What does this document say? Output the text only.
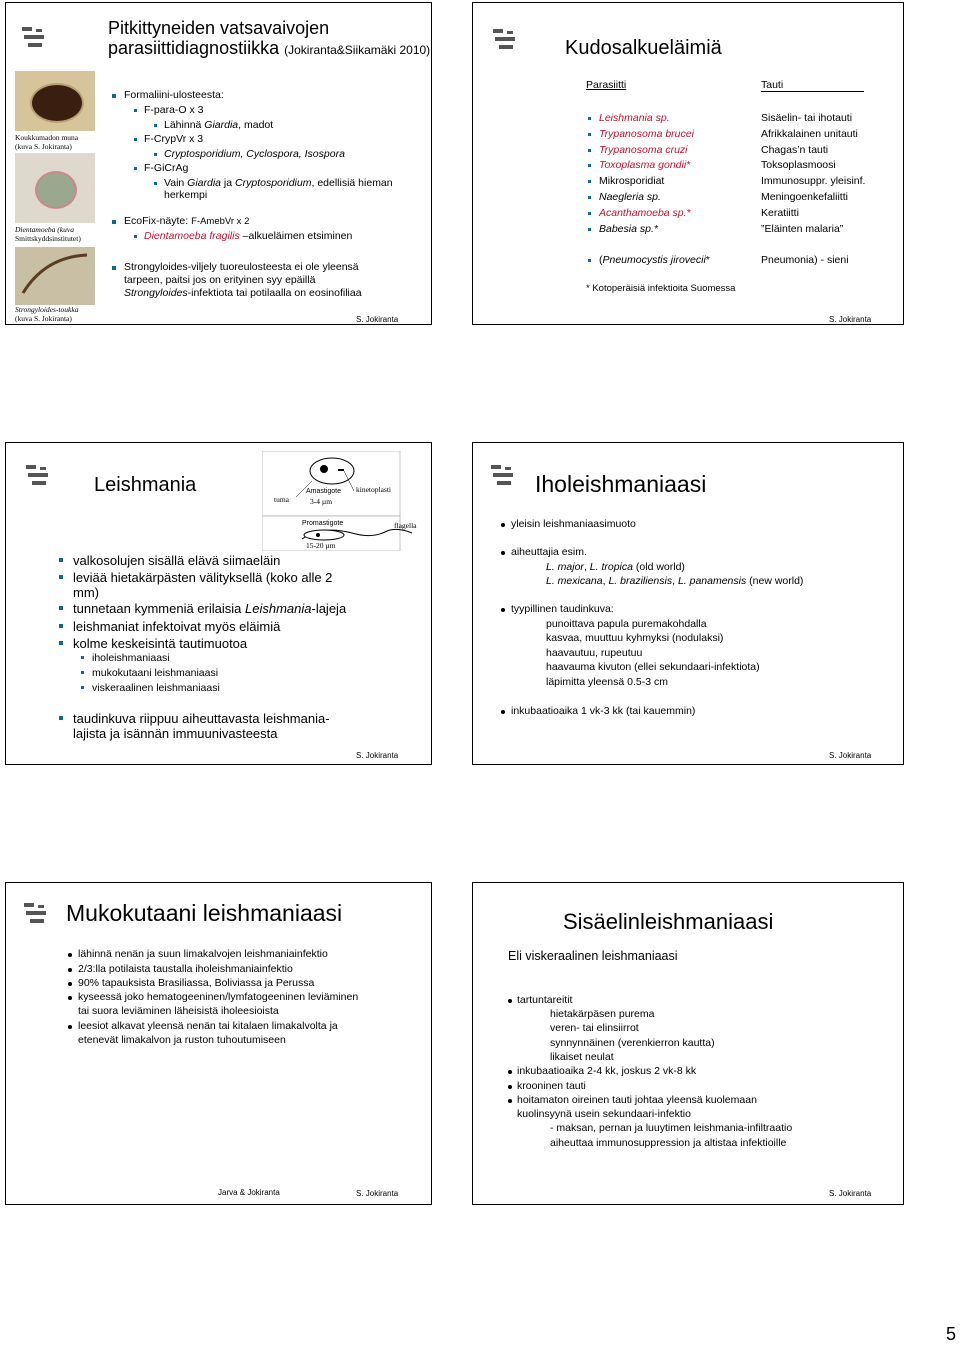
Pitkittyneiden vatsavaivojen
parasiittidiagnostiikka (Jokiranta&Siikamäki 2010)
Koukkumadon muna
(kuva S. Jokiranta)
Dientamoeba (kuva
Smittskyddsinstitutet)
Strongyloides-toukka
(kuva S. Jokiranta)
Formaliini-ulosteesta:
F-para-O x 3
Lähinnä Giardia, madot
F-CrypVr x 3
Cryptosporidium, Cyclospora, Isospora
F-GiCrAg
Vain Giardia ja Cryptosporidium, edellisiä hieman
herkempi
EcoFix-näyte: F-AmebVr x 2
Dientamoeba fragilis –alkueläimen etsiminen
Strongyloides-viljely tuoreulosteesta ei ole yleensä
tarpeen, paitsi jos on erityinen syy epäillä
Strongyloides-infektiota tai potilaalla on eosinofiliaa
S. Jokiranta
Kudosalkueläimiä
Parasiitti	Tauti
Leishmania sp.	Sisäelin- tai ihotauti
Trypanosoma brucei	Afrikkalainen unitauti
Trypanosoma cruzi	Chagas’n tauti
Toxoplasma gondii*	Toksoplasmoosi
Mikrosporidiat	Immunosuppr. yleisinf.
Naegleria sp.	Meningoenkefaliitti
Acanthamoeba sp.*	Keratiitti
Babesia sp.*	”Eläinten malaria”
(Pneumocystis jirovecii*	Pneumonia) - sieni
* Kotoperäisiä infektioita Suomessa
S. Jokiranta
Leishmania	Amastigote
3-4 µm
tuma
kinetoplasti
flagella
Promastigote
15-20 µm
valkosolujen sisällä elävä siimaeläin
leviää hietakärpästen välityksellä (koko alle 2
mm)
tunnetaan kymmeniä erilaisia Leishmania-lajeja
leishmaniat infektoivat myös eläimiä
kolme keskeisintä tautimuotoa
iholeishmaniaasi
mukokutaani leishmaniaasi
viskeraalinen leishmaniaasi
taudinkuva riippuu aiheuttavasta leishmania-
lajista ja isännän immuunivasteesta
S. Jokiranta
Iholeishmaniaasi
yleisin leishmaniaasimuoto
aiheuttajia esim.
L. major, L. tropica (old world)
L. mexicana, L. braziliensis, L. panamensis (new world)
tyypillinen taudinkuva:
punoittava papula puremakohdalla
kasvaa, muuttuu kyhmyksi (nodulaksi)
haavautuu, rupeutuu
haavauma kivuton (ellei sekundaari-infektiota)
läpimitta yleensä 0.5-3 cm
inkubaatioaika 1 vk-3 kk (tai kauemmin)
S. Jokiranta
Mukokutaani leishmaniaasi
lähinnä nenän ja suun limakalvojen leishmaniainfektio
2/3:lla potilaista taustalla iholeishmaniainfektio
90% tapauksista Brasiliassa, Boliviassa ja Perussa
kyseessä joko hematogeeninen/lymfatogeeninen leviäminen
tai suora leviäminen läheisistä iholeesioista
leesiot alkavat yleensä nenän tai kitalaen limakalvolta ja
etenevät limakalvon ja ruston tuhoutumiseen
S. Jokiranta
Sisäelinleishmaniaasi
Eli viskeraalinen leishmaniaasi
tartuntareitit
hietakärpäsen purema
veren- tai elinsiirrot
synnynnäinen (verenkierron kautta)
likaiset neulat
inkubaatioaika 2-4 kk, joskus 2 vk-8 kk
krooninen tauti
hoitamaton oireinen tauti johtaa yleensä kuolemaan
kuolinsyynä usein sekundaari-infektio
- maksan, pernan ja luuytimen leishmania-infiltraatio
aiheuttaa immunosuppression ja altistaa infektioille
S. Jokiranta
Jarva & Jokiranta
5
